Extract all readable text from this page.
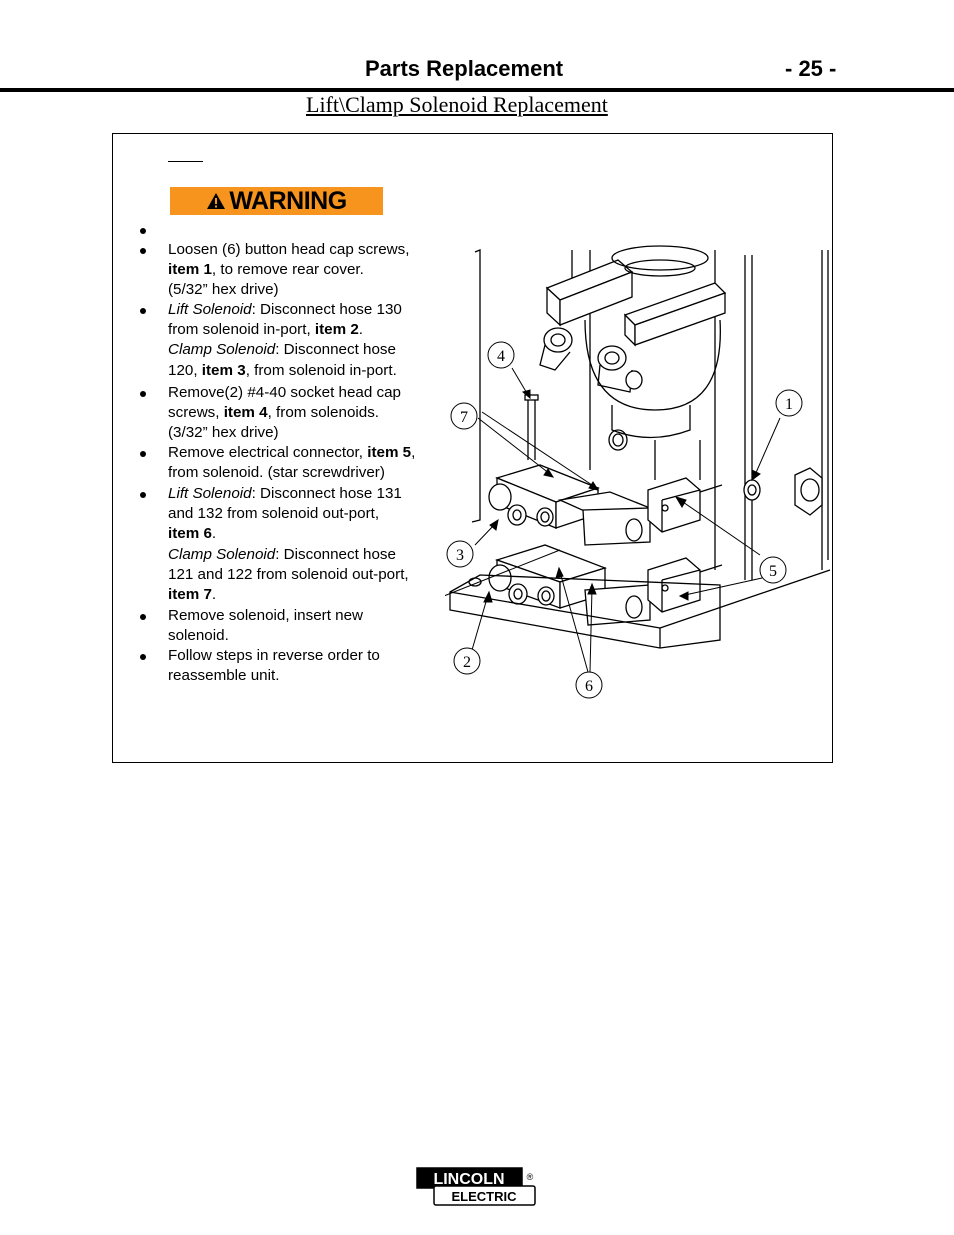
Parts Replacement	- 25 -
Lift\Clamp Solenoid Replacement
WARNING
Loosen (6) button head cap screws,
item 1, to remove rear cover.
(5/32” hex drive)
Lift Solenoid: Disconnect hose 130
from solenoid in-port, item 2.
Clamp Solenoid: Disconnect hose
120, item 3, from solenoid in-port.
Remove(2) #4-40 socket head cap
screws, item 4, from solenoids.
(3/32” hex drive)
Remove electrical connector, item 5,
from solenoid. (star screwdriver)
Lift Solenoid: Disconnect hose 131
and 132 from solenoid out-port,
item 6.
Clamp Solenoid: Disconnect hose
121 and 122 from solenoid out-port,
item 7.
Remove solenoid, insert new
solenoid.
Follow steps in reverse order to
reassemble unit.
1
2
3
4
5
6
7
LINCOLN ®
ELECTRIC
